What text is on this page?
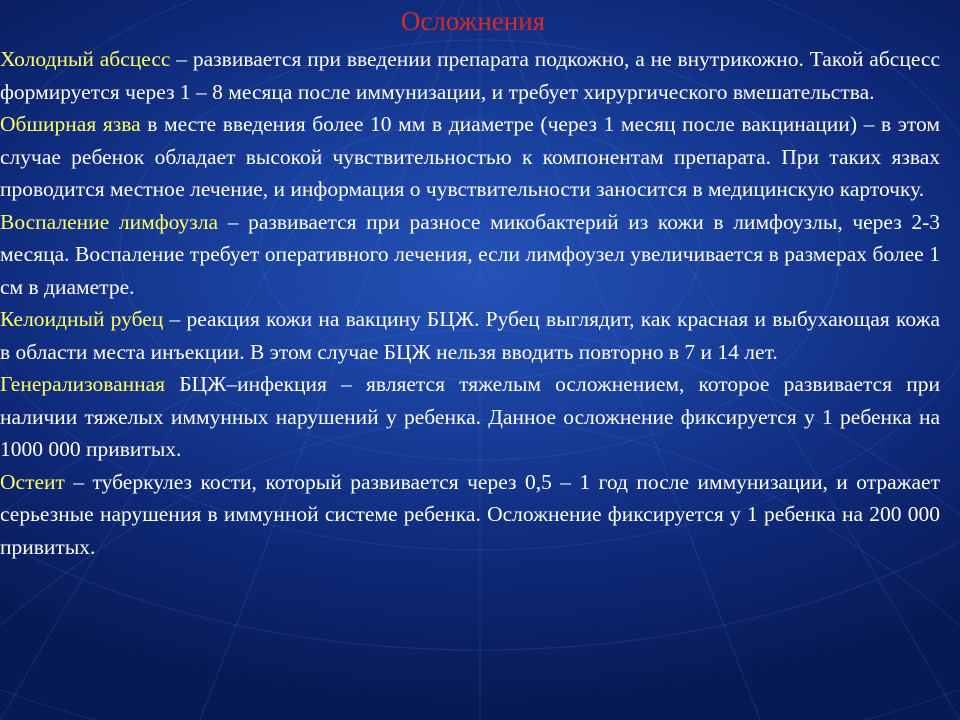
Осложнения

Холодный абсцесс – развивается при введении препарата подкожно, а не внутрикожно. Такой абсцесс формируется через 1 – 8 месяца после иммунизации, и требует хирургического вмешательства.

Обширная язва в месте введения более 10 мм в диаметре (через 1 месяц после вакцинации) – в этом случае ребенок обладает высокой чувствительностью к компонентам препарата. При таких язвах проводится местное лечение, и информация о чувствительности заносится в медицинскую карточку.

Воспаление лимфоузла – развивается при разносе микобактерий из кожи в лимфоузлы, через 2-3 месяца. Воспаление требует оперативного лечения, если лимфоузел увеличивается в размерах более 1 см в диаметре.

Келоидный рубец – реакция кожи на вакцину БЦЖ. Рубец выглядит, как красная и выбухающая кожа в области места инъекции. В этом случае БЦЖ нельзя вводить повторно в 7 и 14 лет.

Генерализованная БЦЖ–инфекция – является тяжелым осложнением, которое развивается при наличии тяжелых иммунных нарушений у ребенка. Данное осложнение фиксируется у 1 ребенка на 1000 000 привитых.

Остеит – туберкулез кости, который развивается через 0,5 – 1 год после иммунизации, и отражает серьезные нарушения в иммунной системе ребенка. Осложнение фиксируется у 1 ребенка на 200 000 привитых.
